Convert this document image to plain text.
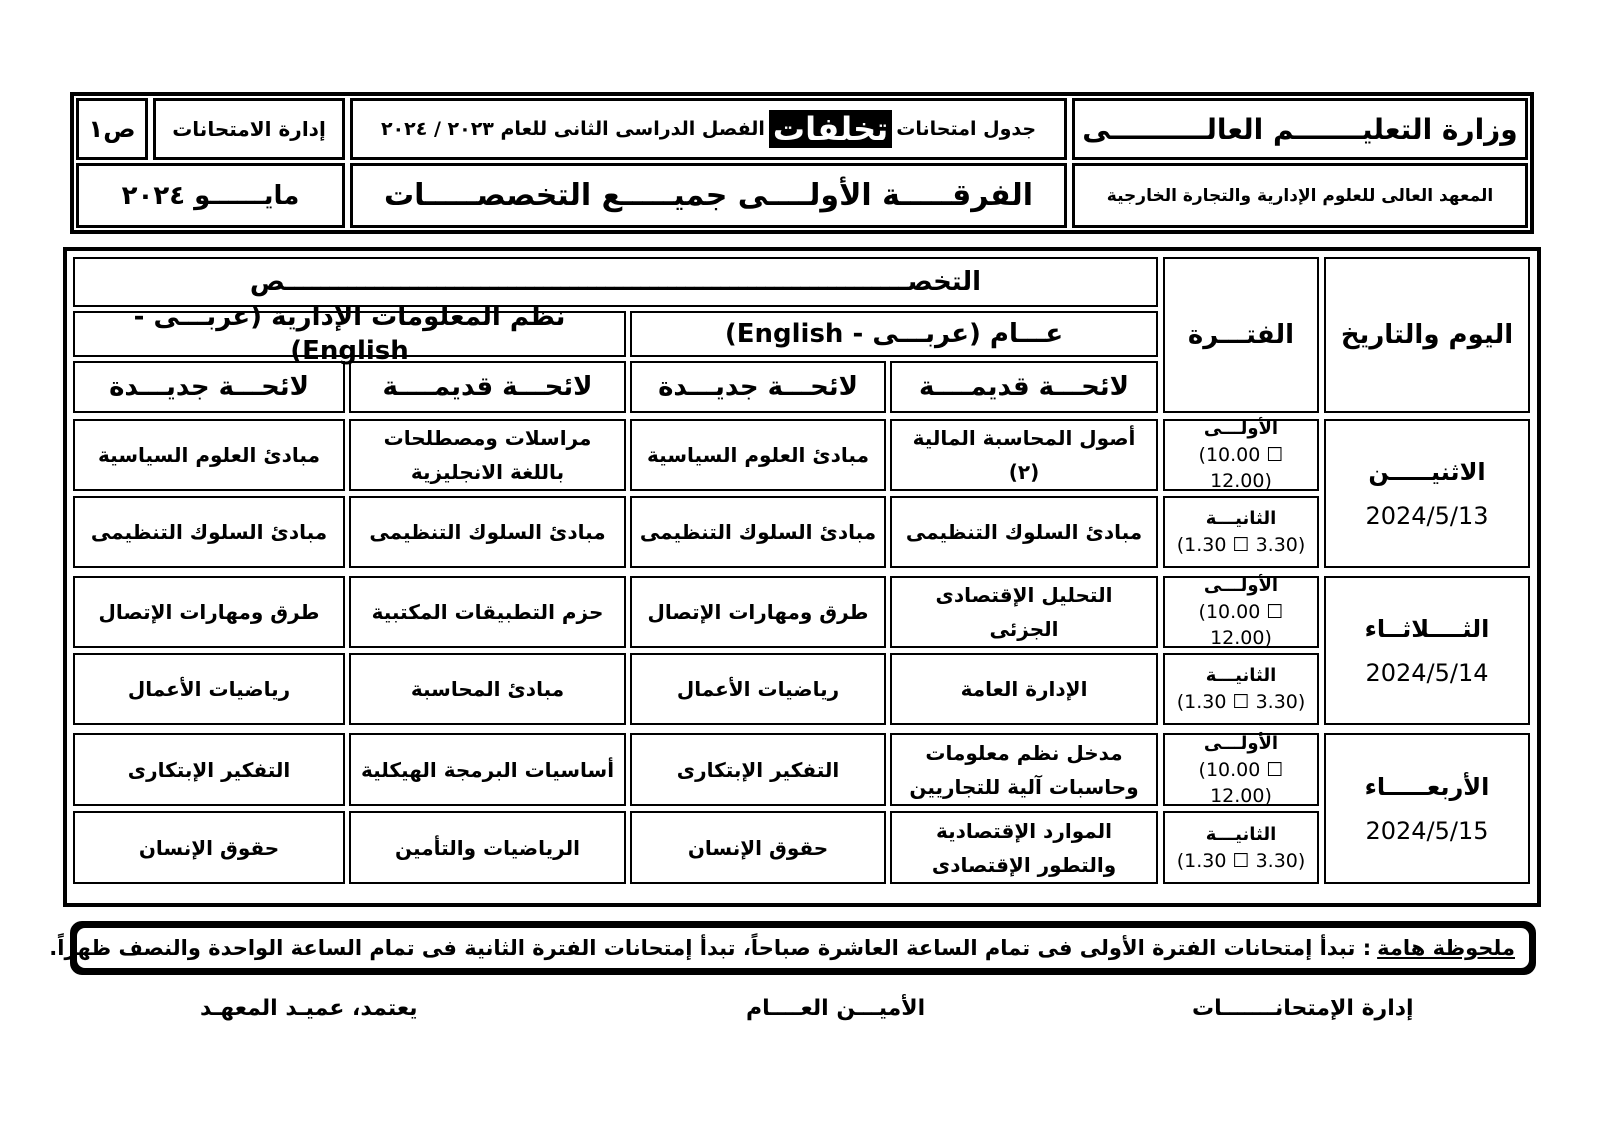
وزارة التعليـــــــم العالــــــــــى
المعهد العالى للعلوم الإدارية والتجارة الخارجية
جدول امتحانات
تخلفات
الفصل الدراسى الثانى للعام ٢٠٢٣ / ٢٠٢٤
الفرقـــــة الأولــــى جميـــــع التخصصـــــات
إدارة الامتحانات
ص١
مايــــــو ٢٠٢٤
اليوم والتاريخ
الفتـــرة
التخصــــــــــــــــــــــــــــــــــــــــــــــــــــــــــــــــــــــص
عـــام (عربـــى - English)
نظم المعلومات الإدارية (عربـــى - English)
لائحـــة قديمــــة
لائحـــة جديـــدة
لائحـــة قديمــــة
لائحـــة جديـــدة
الاثنيـــــن
2024/5/13
الأولـــى
(10.00 ☐ 12.00)
أصول المحاسبة المالية (٢)
مبادئ العلوم السياسية
مراسلات ومصطلحات باللغة الانجليزية
مبادئ العلوم السياسية
الثانيـــة
(1.30 ☐ 3.30)
مبادئ السلوك التنظيمى
مبادئ السلوك التنظيمى
مبادئ السلوك التنظيمى
مبادئ السلوك التنظيمى
الثــــلاثــاء
2024/5/14
الأولـــى
(10.00 ☐ 12.00)
التحليل الإقتصادى الجزئى
طرق ومهارات الإتصال
حزم التطبيقات المكتبية
طرق ومهارات الإتصال
الثانيـــة
(1.30 ☐ 3.30)
الإدارة العامة
رياضيات الأعمال
مبادئ المحاسبة
رياضيات الأعمال
الأربعـــــاء
2024/5/15
الأولـــى
(10.00 ☐ 12.00)
مدخل نظم معلومات وحاسبات آلية للتجاريين
التفكير الإبتكارى
أساسيات البرمجة الهيكلية
التفكير الإبتكارى
الثانيـــة
(1.30 ☐ 3.30)
الموارد الإقتصادية والتطور الإقتصادى
حقوق الإنسان
الرياضيات والتأمين
حقوق الإنسان
ملحوظة هامة
: تبدأ إمتحانات الفترة الأولى فى تمام الساعة العاشرة صباحاً، تبدأ إمتحانات الفترة الثانية فى تمام الساعة الواحدة والنصف ظهراً.
إدارة الإمتحانـــــــات
الأميـــن العــــام
يعتمد، عميـد المعهـد
